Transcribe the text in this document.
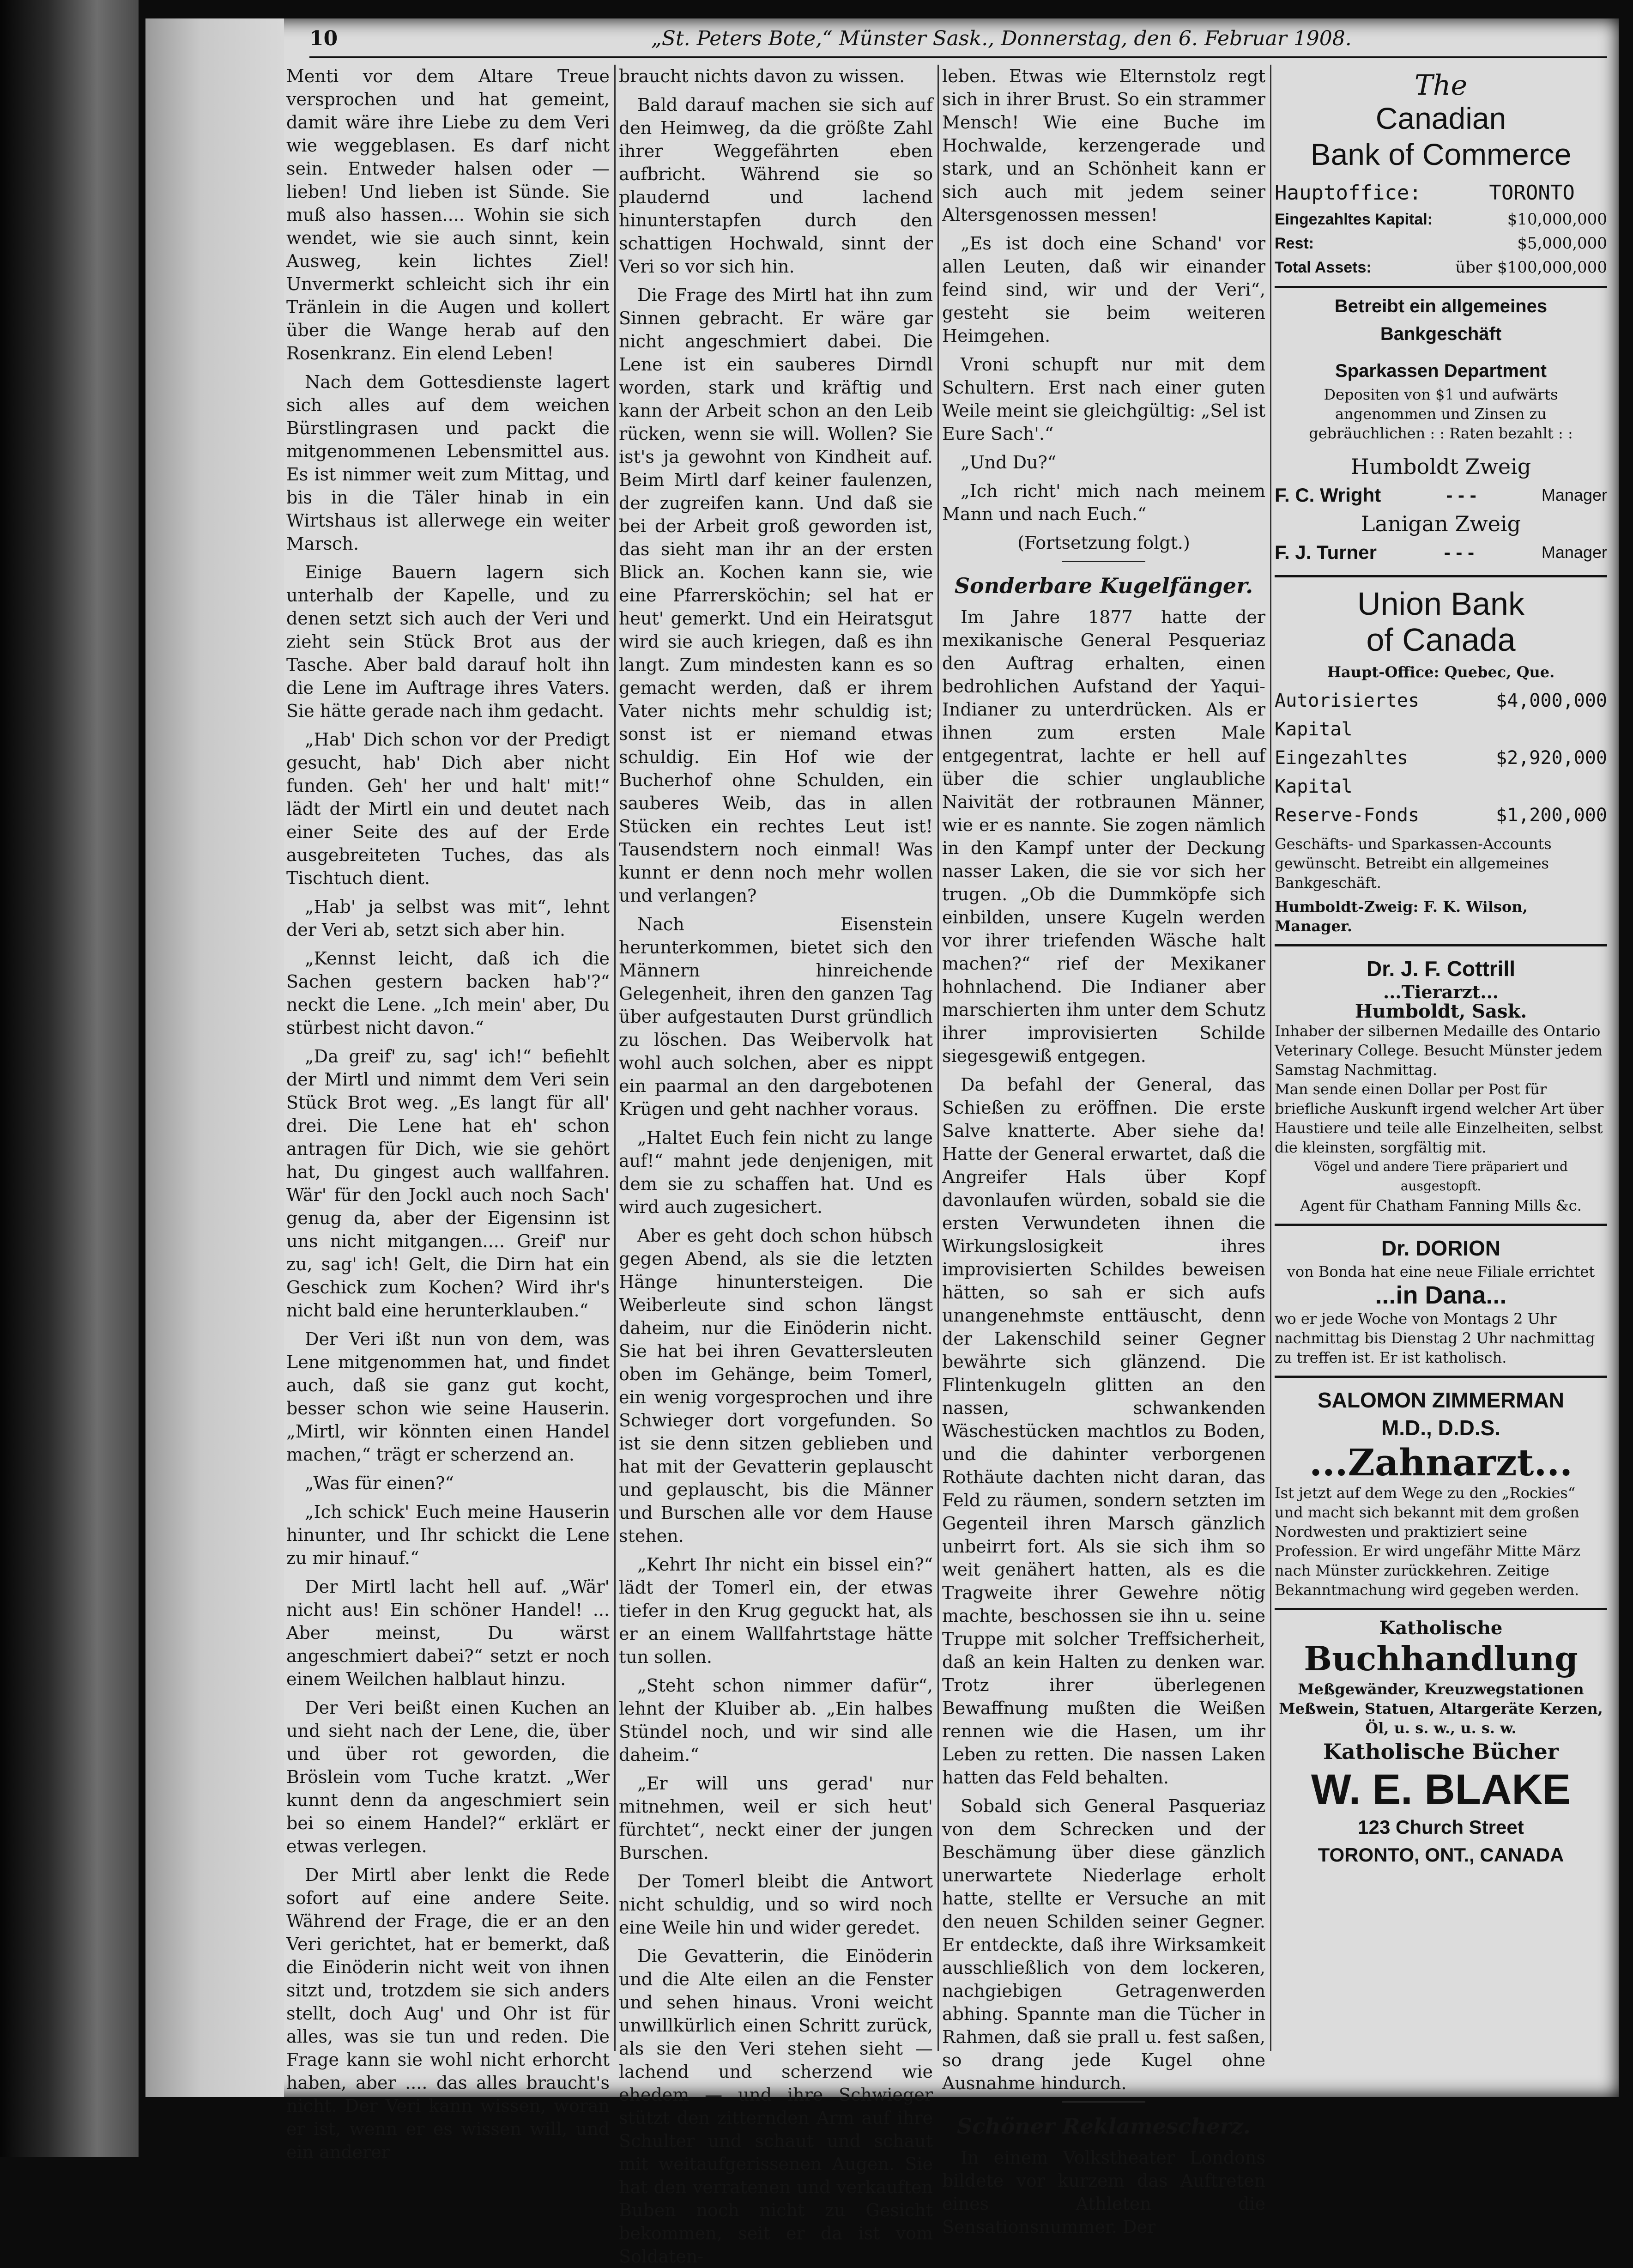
10	„St. Peters Bote,“ Münster Sask., Donnerstag, den 6. Februar 1908.

Menti vor dem Altare Treue versprochen und hat gemeint, damit wäre ihre Liebe zu dem Veri wie weggeblasen. Es darf nicht sein. Entweder halsen oder — lieben! Und lieben ist Sünde. Sie muß also hassen.... Wohin sie sich wendet, wie sie auch sinnt, kein Ausweg, kein lichtes Ziel! Unvermerkt schleicht sich ihr ein Tränlein in die Augen und kollert über die Wange herab auf den Rosenkranz. Ein elend Leben!

Nach dem Gottesdienste lagert sich alles auf dem weichen Bürstlingrasen und packt die mitgenommenen Lebensmittel aus. Es ist nimmer weit zum Mittag, und bis in die Täler hinab in ein Wirtshaus ist allerwege ein weiter Marsch.

Einige Bauern lagern sich unterhalb der Kapelle, und zu denen setzt sich auch der Veri und zieht sein Stück Brot aus der Tasche. Aber bald darauf holt ihn die Lene im Auftrage ihres Vaters. Sie hätte gerade nach ihm gedacht.

„Hab' Dich schon vor der Predigt gesucht, hab' Dich aber nicht funden. Geh' her und halt' mit!“ lädt der Mirtl ein und deutet nach einer Seite des auf der Erde ausgebreiteten Tuches, das als Tischtuch dient.

„Hab' ja selbst was mit“, lehnt der Veri ab, setzt sich aber hin.

„Kennst leicht, daß ich die Sachen gestern backen hab'?“ neckt die Lene. „Ich mein' aber, Du stürbest nicht davon.“

„Da greif' zu, sag' ich!“ befiehlt der Mirtl und nimmt dem Veri sein Stück Brot weg. „Es langt für all' drei. Die Lene hat eh' schon antragen für Dich, wie sie gehört hat, Du gingest auch wallfahren. Wär' für den Jockl auch noch Sach' genug da, aber der Eigensinn ist uns nicht mitgangen.... Greif' nur zu, sag' ich! Gelt, die Dirn hat ein Geschick zum Kochen? Wird ihr's nicht bald eine herunterklauben.“

Der Veri ißt nun von dem, was Lene mitgenommen hat, und findet auch, daß sie ganz gut kocht, besser schon wie seine Hauserin. „Mirtl, wir könnten einen Handel machen,“ trägt er scherzend an.

„Was für einen?“

„Ich schick' Euch meine Hauserin hinunter, und Ihr schickt die Lene zu mir hinauf.“

Der Mirtl lacht hell auf. „Wär' nicht aus! Ein schöner Handel! ... Aber meinst, Du wärst angeschmiert dabei?“ setzt er noch einem Weilchen halblaut hinzu.

Der Veri beißt einen Kuchen an und sieht nach der Lene, die, über und über rot geworden, die Bröslein vom Tuche kratzt. „Wer kunnt denn da angeschmiert sein bei so einem Handel?“ erklärt er etwas verlegen.

Der Mirtl aber lenkt die Rede sofort auf eine andere Seite. Während der Frage, die er an den Veri gerichtet, hat er bemerkt, daß die Einöderin nicht weit von ihnen sitzt und, trotzdem sie sich anders stellt, doch Aug' und Ohr ist für alles, was sie tun und reden. Die Frage kann sie wohl nicht erhorcht haben, aber .... das alles braucht's nicht. Der Veri kann wissen, woran er ist, wenn er es wissen will, und ein anderer

braucht nichts davon zu wissen.

Bald darauf machen sie sich auf den Heimweg, da die größte Zahl ihrer Weggefährten eben aufbricht. Während sie so plaudernd und lachend hinunterstapfen durch den schattigen Hochwald, sinnt der Veri so vor sich hin.

Die Frage des Mirtl hat ihn zum Sinnen gebracht. Er wäre gar nicht angeschmiert dabei. Die Lene ist ein sauberes Dirndl worden, stark und kräftig und kann der Arbeit schon an den Leib rücken, wenn sie will. Wollen? Sie ist's ja gewohnt von Kindheit auf. Beim Mirtl darf keiner faulenzen, der zugreifen kann. Und daß sie bei der Arbeit groß geworden ist, das sieht man ihr an der ersten Blick an. Kochen kann sie, wie eine Pfarrersköchin; sel hat er heut' gemerkt. Und ein Heiratsgut wird sie auch kriegen, daß es ihn langt. Zum mindesten kann es so gemacht werden, daß er ihrem Vater nichts mehr schuldig ist; sonst ist er niemand etwas schuldig. Ein Hof wie der Bucherhof ohne Schulden, ein sauberes Weib, das in allen Stücken ein rechtes Leut ist! Tausendstern noch einmal! Was kunnt er denn noch mehr wollen und verlangen?

Nach Eisenstein herunterkommen, bietet sich den Männern hinreichende Gelegenheit, ihren den ganzen Tag über aufgestauten Durst gründlich zu löschen. Das Weibervolk hat wohl auch solchen, aber es nippt ein paarmal an den dargebotenen Krügen und geht nachher voraus.

„Haltet Euch fein nicht zu lange auf!“ mahnt jede denjenigen, mit dem sie zu schaffen hat. Und es wird auch zugesichert.

Aber es geht doch schon hübsch gegen Abend, als sie die letzten Hänge hinuntersteigen. Die Weiberleute sind schon längst daheim, nur die Einöderin nicht. Sie hat bei ihren Gevattersleuten oben im Gehänge, beim Tomerl, ein wenig vorgesprochen und ihre Schwieger dort vorgefunden. So ist sie denn sitzen geblieben und hat mit der Gevatterin geplauscht und geplauscht, bis die Männer und Burschen alle vor dem Hause stehen.

„Kehrt Ihr nicht ein bissel ein?“ lädt der Tomerl ein, der etwas tiefer in den Krug geguckt hat, als er an einem Wallfahrtstage hätte tun sollen.

„Steht schon nimmer dafür“, lehnt der Kluiber ab. „Ein halbes Stündel noch, und wir sind alle daheim.“

„Er will uns gerad' nur mitnehmen, weil er sich heut' fürchtet“, neckt einer der jungen Burschen.

Der Tomerl bleibt die Antwort nicht schuldig, und so wird noch eine Weile hin und wider geredet.

Die Gevatterin, die Einöderin und die Alte eilen an die Fenster und sehen hinaus. Vroni weicht unwillkürlich einen Schritt zurück, als sie den Veri stehen sieht — lachend und scherzend wie ehedem — und ihre Schwieger stützt den zitternden Arm auf ihre Schulter und schaut und schaut mit weitaufgerissenen Augen. Sie hat den verratenen und verkauften Buben noch nicht zu Gesicht bekommen, seit er da ist vom Soldaten-

leben. Etwas wie Elternstolz regt sich in ihrer Brust. So ein strammer Mensch! Wie eine Buche im Hochwalde, kerzengerade und stark, und an Schönheit kann er sich auch mit jedem seiner Altersgenossen messen!

„Es ist doch eine Schand' vor allen Leuten, daß wir einander feind sind, wir und der Veri“, gesteht sie beim weiteren Heimgehen.

Vroni schupft nur mit dem Schultern. Erst nach einer guten Weile meint sie gleichgültig: „Sel ist Eure Sach'.“

„Und Du?“

„Ich richt' mich nach meinem Mann und nach Euch.“

(Fortsetzung folgt.)

Sonderbare Kugelfänger.

Im Jahre 1877 hatte der mexikanische General Pesqueriaz den Auftrag erhalten, einen bedrohlichen Aufstand der Yaqui-Indianer zu unterdrücken. Als er ihnen zum ersten Male entgegentrat, lachte er hell auf über die schier unglaubliche Naivität der rotbraunen Männer, wie er es nannte. Sie zogen nämlich in den Kampf unter der Deckung nasser Laken, die sie vor sich her trugen. „Ob die Dummköpfe sich einbilden, unsere Kugeln werden vor ihrer triefenden Wäsche halt machen?“ rief der Mexikaner hohnlachend. Die Indianer aber marschierten ihm unter dem Schutz ihrer improvisierten Schilde siegesgewiß entgegen.

Da befahl der General, das Schießen zu eröffnen. Die erste Salve knatterte. Aber siehe da! Hatte der General erwartet, daß die Angreifer Hals über Kopf davonlaufen würden, sobald sie die ersten Verwundeten ihnen die Wirkungslosigkeit ihres improvisierten Schildes beweisen hätten, so sah er sich aufs unangenehmste enttäuscht, denn der Lakenschild seiner Gegner bewährte sich glänzend. Die Flintenkugeln glitten an den nassen, schwankenden Wäschestücken machtlos zu Boden, und die dahinter verborgenen Rothäute dachten nicht daran, das Feld zu räumen, sondern setzten im Gegenteil ihren Marsch gänzlich unbeirrt fort. Als sie sich ihm so weit genähert hatten, als es die Tragweite ihrer Gewehre nötig machte, beschossen sie ihn u. seine Truppe mit solcher Treffsicherheit, daß an kein Halten zu denken war. Trotz ihrer überlegenen Bewaffnung mußten die Weißen rennen wie die Hasen, um ihr Leben zu retten. Die nassen Laken hatten das Feld behalten.

Sobald sich General Pasqueriaz von dem Schrecken und der Beschämung über diese gänzlich unerwartete Niederlage erholt hatte, stellte er Versuche an mit den neuen Schilden seiner Gegner. Er entdeckte, daß ihre Wirksamkeit ausschließlich von dem lockeren, nachgiebigen Getragenwerden abhing. Spannte man die Tücher in Rahmen, daß sie prall u. fest saßen, so drang jede Kugel ohne Ausnahme hindurch.

Schöner Reklamescherz.

In einem Volkstheater Londons bildete vor kurzem das Auftreten eines Athleten die Sensationsnummer. Der

The
Canadian
Bank of Commerce
Hauptoffice:	TORONTO
Eingezahltes Kapital:	$10,000,000
Rest:	$5,000,000
Total Assets:	über $100,000,000
Betreibt ein allgemeines Bankgeschäft
Sparkassen Department
Depositen von $1 und aufwärts angenommen und Zinsen zu gebräuchlichen : : Raten bezahlt : :
Humboldt Zweig
F. C. Wright	- - -	Manager
Lanigan Zweig
F. J. Turner	- - -	Manager
Union Bank
of Canada
Haupt-Office: Quebec, Que.
Autorisiertes Kapital
$4,000,000
Eingezahltes Kapital
$2,920,000
Reserve-Fonds	$1,200,000
Geschäfts- und Sparkassen-Accounts gewünscht. Betreibt ein allgemeines Bankgeschäft.
Humboldt-Zweig: F. K. Wilson, Manager.
Dr. J. F. Cottrill
...Tierarzt...
Humboldt, Sask.
Inhaber der silbernen Medaille des Ontario Veterinary College. Besucht Münster jedem Samstag Nachmittag.
Man sende einen Dollar per Post für briefliche Auskunft irgend welcher Art über Haustiere und teile alle Einzelheiten, selbst die kleinsten, sorgfältig mit.
Vögel und andere Tiere präpariert und ausgestopft.
Agent für Chatham Fanning Mills &c.
Dr. DORION
von Bonda hat eine neue Filiale errichtet
...in Dana...
wo er jede Woche von Montags 2 Uhr nachmittag bis Dienstag 2 Uhr nachmittag zu treffen ist. Er ist katholisch.
SALOMON ZIMMERMAN
M.D., D.D.S.
...Zahnarzt...
Ist jetzt auf dem Wege zu den „Rockies“ und macht sich bekannt mit dem großen Nordwesten und praktiziert seine Profession. Er wird ungefähr Mitte März nach Münster zurückkehren. Zeitige Bekanntmachung wird gegeben werden.
Katholische
Buchhandlung
Meßgewänder, Kreuzwegstationen Meßwein, Statuen, Altargeräte Kerzen, Öl, u. s. w., u. s. w.
Katholische Bücher
W. E. BLAKE
123 Church Street
TORONTO, ONT., CANADA
